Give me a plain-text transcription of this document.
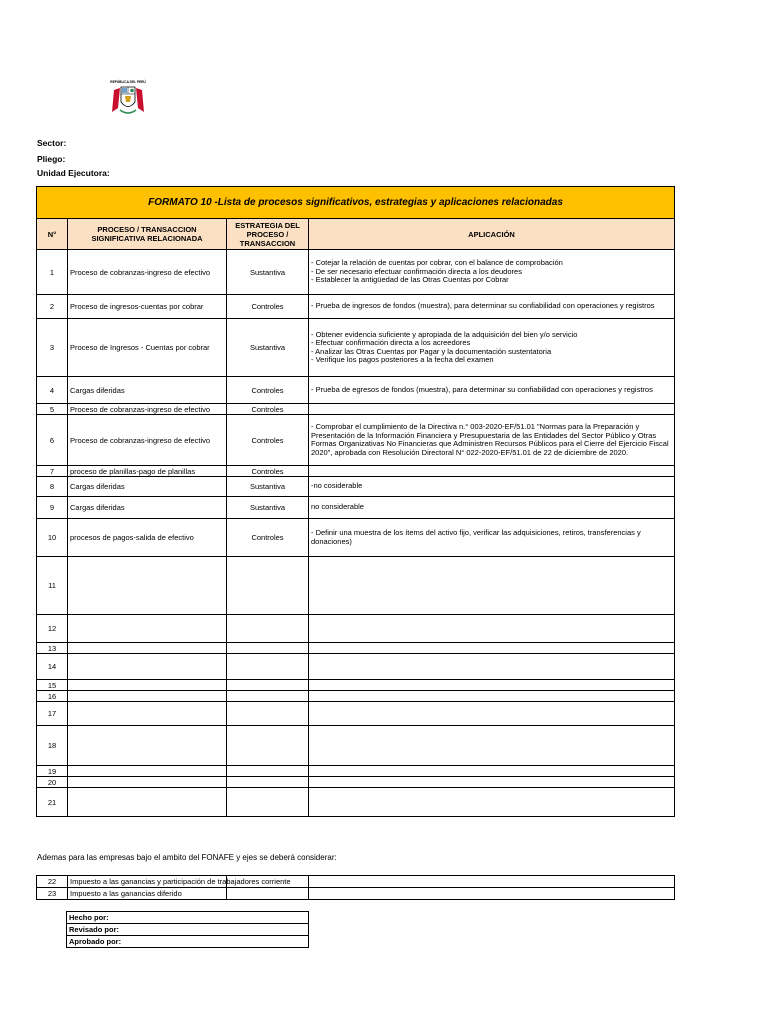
REPÚBLICA DEL PERÚ
Sector:
Pliego:
Unidad Ejecutora:
FORMATO 10 -Lista de procesos significativos, estrategias y aplicaciones relacionadas			
N°	PROCESO / TRANSACCION SIGNIFICATIVA RELACIONADA	ESTRATEGIA DEL PROCESO / TRANSACCION	APLICACIÓN
1	Proceso de cobranzas-ingreso de efectivo	Sustantiva	- Cotejar la relación de cuentas por cobrar, con el balance de comprobación
- De ser necesario efectuar confirmación directa a los deudores
- Establecer la antigüedad de las Otras Cuentas por Cobrar

2	Proceso de ingresos-cuentas por cobrar	Controles	- Prueba de ingresos de fondos (muestra), para determinar su confiabilidad con operaciones y registros

3	Proceso de Ingresos - Cuentas por cobrar	Sustantiva	- Obtener evidencia suficiente y apropiada de la adquisición del bien y/o servicio
- Efectuar confirmación directa a los acreedores
- Analizar las Otras Cuentas por Pagar y la documentación sustentatoria
- Verifique los pagos posteriores a la fecha del examen

4	Cargas diferidas	Controles	- Prueba de egresos de fondos (muestra), para determinar su confiabilidad con operaciones y registros

5	Proceso de cobranzas-ingreso de efectivo	Controles	
6	Proceso de cobranzas-ingreso de efectivo	Controles	- Comprobar el cumplimiento de la Directiva n.° 003-2020-EF/51.01 "Normas para la Preparación y Presentación de la Información Financiera y Presupuestaria de las Entidades del Sector Público y Otras Formas Organizativas No Financieras que Administren Recursos Públicos para el Cierre del Ejercicio Fiscal 2020", aprobada con Resolución Directoral N° 022-2020-EF/51.01 de 22 de diciembre de 2020.

7	proceso de planillas-pago de planillas	Controles	
8	Cargas diferidas	Sustantiva	-no cosiderable

9	Cargas diferidas	Sustantiva	no considerable

10	procesos de pagos-salida de efectivo	Controles	- Definir una muestra de los ítems del activo fijo, verificar las adquisiciones, retiros, transferencias y donaciones)

11			
12			
13			
14			
15			
16			
17			
18			
19			
20			
21			
Ademas para las empresas bajo el ambito del FONAFE y ejes se deberá considerar:
22	Impuesto a las ganancias y participación de trabajadores corriente		
23	Impuesto a las ganancias diferido		
Hecho por:
Revisado por:
Aprobado por:
